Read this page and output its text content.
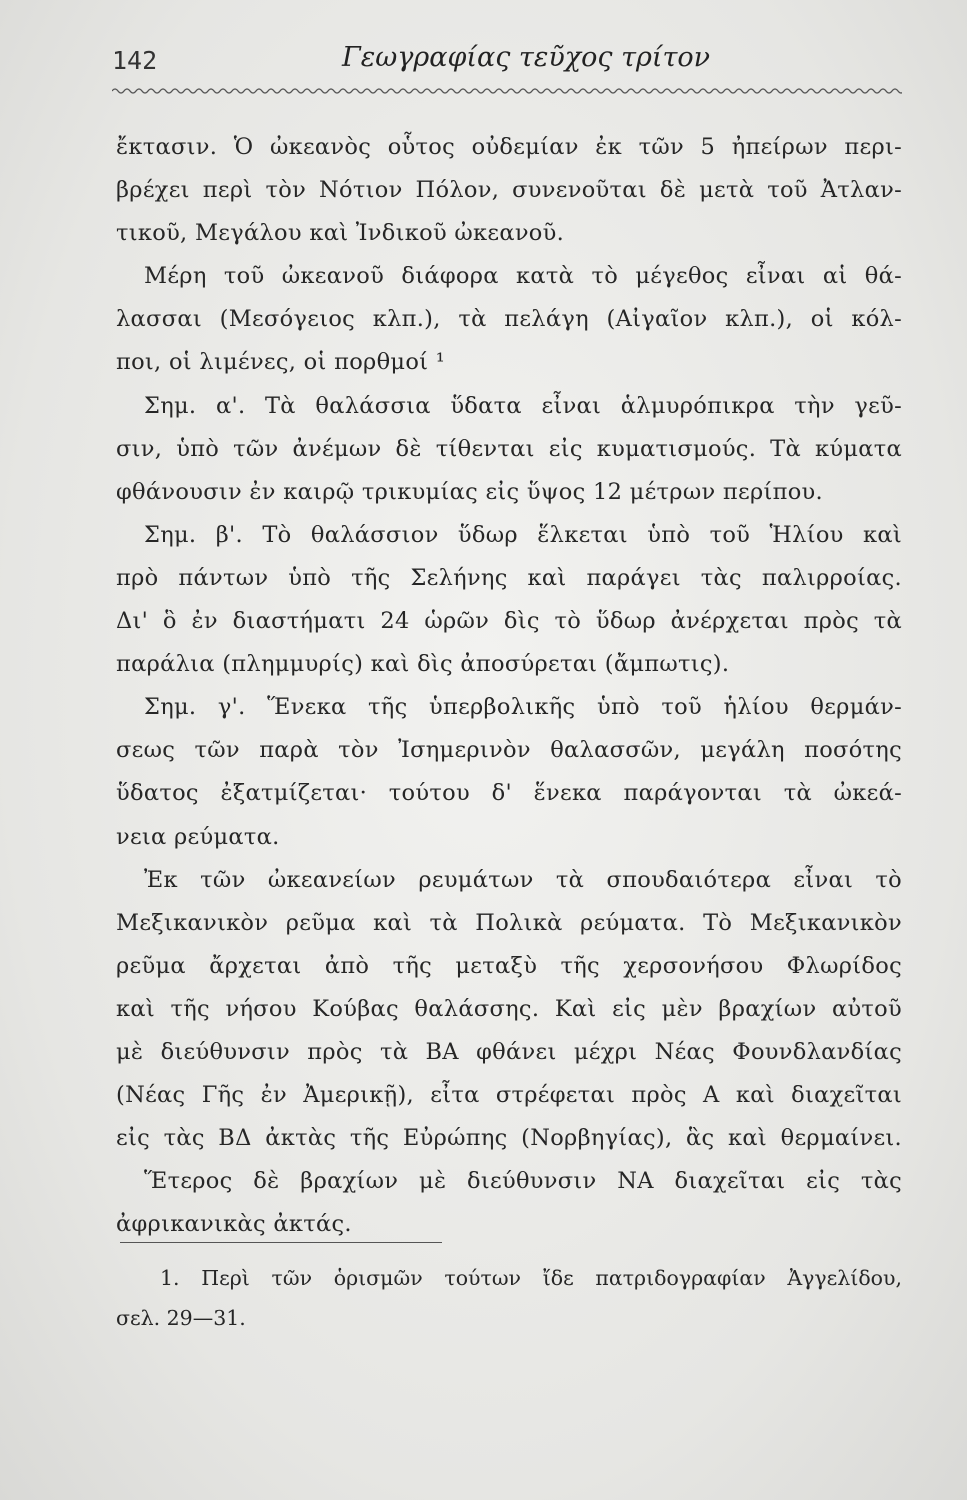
142	Γεωγραφίας τεῦχος τρίτον
ἔκτασιν. Ὁ ὠκεανὸς οὗτος οὐδεμίαν ἐκ τῶν 5 ἠπείρων περι-
βρέχει περὶ τὸν Νότιον Πόλον, συνενοῦται δὲ μετὰ τοῦ Ἀτλαν-
τικοῦ, Μεγάλου καὶ Ἰνδικοῦ ὠκεανοῦ.
Μέρη τοῦ ὠκεανοῦ διάφορα κατὰ τὸ μέγεθος εἶναι αἱ θά-
λασσαι (Μεσόγειος κλπ.), τὰ πελάγη (Αἰγαῖον κλπ.), οἱ κόλ-
ποι, οἱ λιμένες, οἱ πορθμοί ¹
Σημ. α'. Τὰ θαλάσσια ὕδατα εἶναι ἁλμυρόπικρα τὴν γεῦ-
σιν, ὑπὸ τῶν ἀνέμων δὲ τίθενται εἰς κυματισμούς. Τὰ κύματα
φθάνουσιν ἐν καιρῷ τρικυμίας εἰς ὕψος 12 μέτρων περίπου.
Σημ. β'. Τὸ θαλάσσιον ὕδωρ ἕλκεται ὑπὸ τοῦ Ἡλίου καὶ
πρὸ πάντων ὑπὸ τῆς Σελήνης καὶ παράγει τὰς παλιρροίας.
Δι' ὃ ἐν διαστήματι 24 ὡρῶν δὶς τὸ ὕδωρ ἀνέρχεται πρὸς τὰ
παράλια (πλημμυρίς) καὶ δὶς ἀποσύρεται (ἄμπωτις).
Σημ. γ'. Ἕνεκα τῆς ὑπερβολικῆς ὑπὸ τοῦ ἡλίου θερμάν-
σεως τῶν παρὰ τὸν Ἰσημερινὸν θαλασσῶν, μεγάλη ποσότης
ὕδατος ἐξατμίζεται· τούτου δ' ἕνεκα παράγονται τὰ ὠκεά-
νεια ρεύματα.
Ἐκ τῶν ὠκεανείων ρευμάτων τὰ σπουδαιότερα εἶναι τὸ
Μεξικανικὸν ρεῦμα καὶ τὰ Πολικὰ ρεύματα. Τὸ Μεξικανικὸν
ρεῦμα ἄρχεται ἀπὸ τῆς μεταξὺ τῆς χερσονήσου Φλωρίδος
καὶ τῆς νήσου Κούβας θαλάσσης. Καὶ εἰς μὲν βραχίων αὐτοῦ
μὲ διεύθυνσιν πρὸς τὰ ΒΑ φθάνει μέχρι Νέας Φουνδλανδίας
(Νέας Γῆς ἐν Ἀμερικῇ), εἶτα στρέφεται πρὸς Α καὶ διαχεῖται
εἰς τὰς ΒΔ ἀκτὰς τῆς Εὐρώπης (Νορβηγίας), ἃς καὶ θερμαίνει.
Ἕτερος δὲ βραχίων μὲ διεύθυνσιν ΝΑ διαχεῖται εἰς τὰς
ἀφρικανικὰς ἀκτάς.
1. Περὶ τῶν ὁρισμῶν τούτων ἴδε πατριδογραφίαν Ἀγγελίδου,
σελ. 29—31.
